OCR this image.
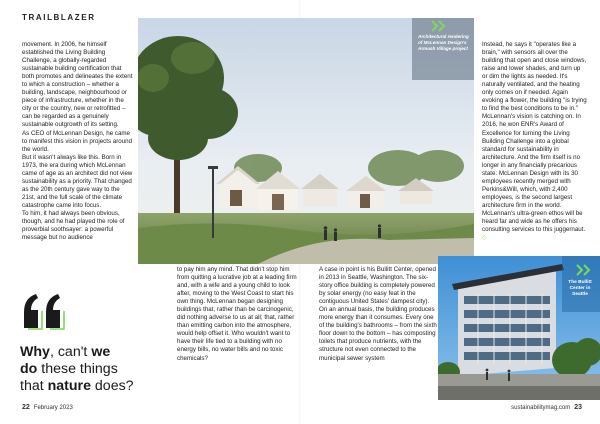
TRAILBLAZER

movement. In 2006, he himself established the Living Building Challenge, a globally-regarded sustainable building certification that both promotes and delineates the extent to which a construction – whether a building, landscape, neighbourhood or piece of infrastructure, whether in the city or the country, new or retrofitted – can be regarded as a genuinely sustainable outgrowth of its setting.

As CEO of McLennan Design, he came to manifest this vision in projects around the world.

But it wasn't always like this. Born in 1973, the era during which McLennan came of age as an architect did not view sustainability as a priority. That changed as the 20th century gave way to the 21st, and the full scale of the climate catastrophe came into focus.

To him, it had always been obvious, though, and he had played the role of proverbial soothsayer: a powerful message but no audience

Architectural rendering of McLennan Design's Armush Village project

Instead, he says it "operates like a brain," with sensors all over the building that open and close windows, raise and lower shades, and turn up or dim the lights as needed. It's naturally ventilated, and the heating only comes on if needed. Again evoking a flower, the building "is trying to find the best conditions to be in."

McLennan's vision is catching on. In 2016, he won ENR's Award of Excellence for turning the Living Building Challenge into a global standard for sustainability in architecture. And the firm itself is no longer in any financially precarious state: McLennan Design with its 30 employees recently merged with Perkins&Will, which, with 2,400 employees, is the second largest architecture firm in the world. McLennan's ultra-green ethos will be heard far and wide as he offers his consulting services to this juggernaut. ◇

Why, can't we
do these things
that nature does?

to pay him any mind. That didn't stop him from quitting a lucrative job at a leading firm and, with a wife and a young child to look after, moving to the West Coast to start his own thing. McLennan began designing buildings that, rather than be carcinogenic, did nothing adverse to us at all; that, rather than emitting carbon into the atmosphere, would help offset it. Who wouldn't want to have their life tied to a building with no energy bills, no water bills and no toxic chemicals?

A case in point is his Bullitt Center, opened in 2013 in Seattle, Washington. The six-story office building is completely powered by solar energy (no easy feat in the contiguous United States' dampest city). On an annual basis, the building produces more energy than it consumes. Every one of the building's bathrooms – from the sixth floor down to the bottom – has composting toilets that produce nutrients, with the structure not even connected to the municipal sewer system

The Bullitt Center in Seattle
22 February 2023	sustainabilitymag.com 23
